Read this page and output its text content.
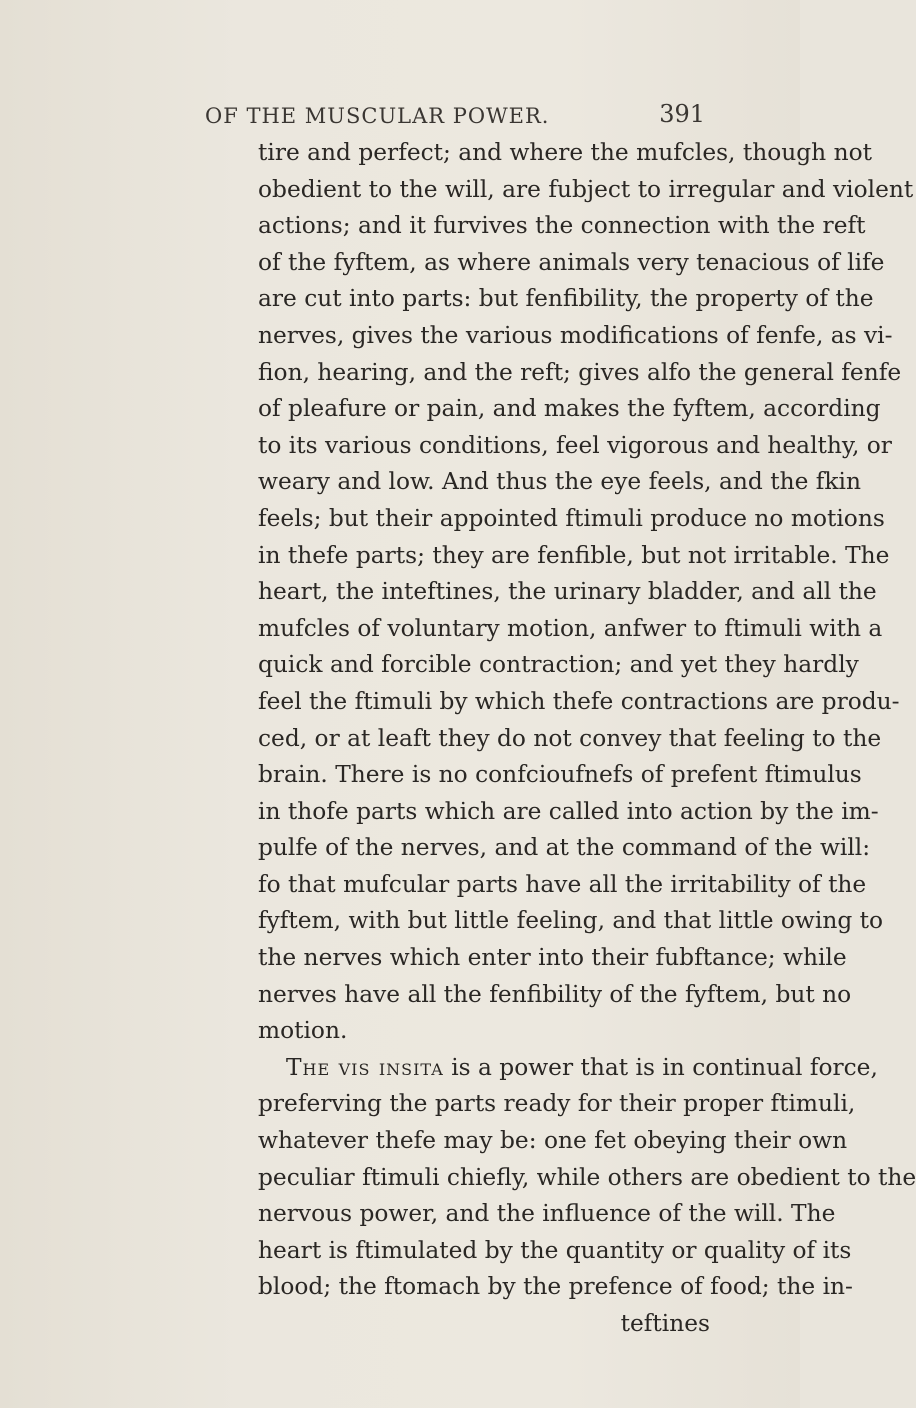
OF THE MUSCULAR POWER.	391
tire and perfect; and where the mufcles, though not
obedient to the will, are fubject to irregular and violent
actions; and it furvives the connection with the reft
of the fyftem, as where animals very tenacious of life
are cut into parts: but fenfibility, the property of the
nerves, gives the various modifications of fenfe, as vi-
fion, hearing, and the reft; gives alfo the general fenfe
of pleafure or pain, and makes the fyftem, according
to its various conditions, feel vigorous and healthy, or
weary and low. And thus the eye feels, and the fkin
feels; but their appointed ftimuli produce no motions
in thefe parts; they are fenfible, but not irritable. The
heart, the inteftines, the urinary bladder, and all the
mufcles of voluntary motion, anfwer to ftimuli with a
quick and forcible contraction; and yet they hardly
feel the ftimuli by which thefe contractions are produ-
ced, or at leaft they do not convey that feeling to the
brain. There is no confcioufnefs of prefent ftimulus
in thofe parts which are called into action by the im-
pulfe of the nerves, and at the command of the will:
fo that mufcular parts have all the irritability of the
fyftem, with but little feeling, and that little owing to
the nerves which enter into their fubftance; while
nerves have all the fenfibility of the fyftem, but no
motion.
The vis insita is a power that is in continual force,
preferving the parts ready for their proper ftimuli,
whatever thefe may be: one fet obeying their own
peculiar ftimuli chiefly, while others are obedient to the
nervous power, and the influence of the will. The
heart is ftimulated by the quantity or quality of its
blood; the ftomach by the prefence of food; the in-
teftines
